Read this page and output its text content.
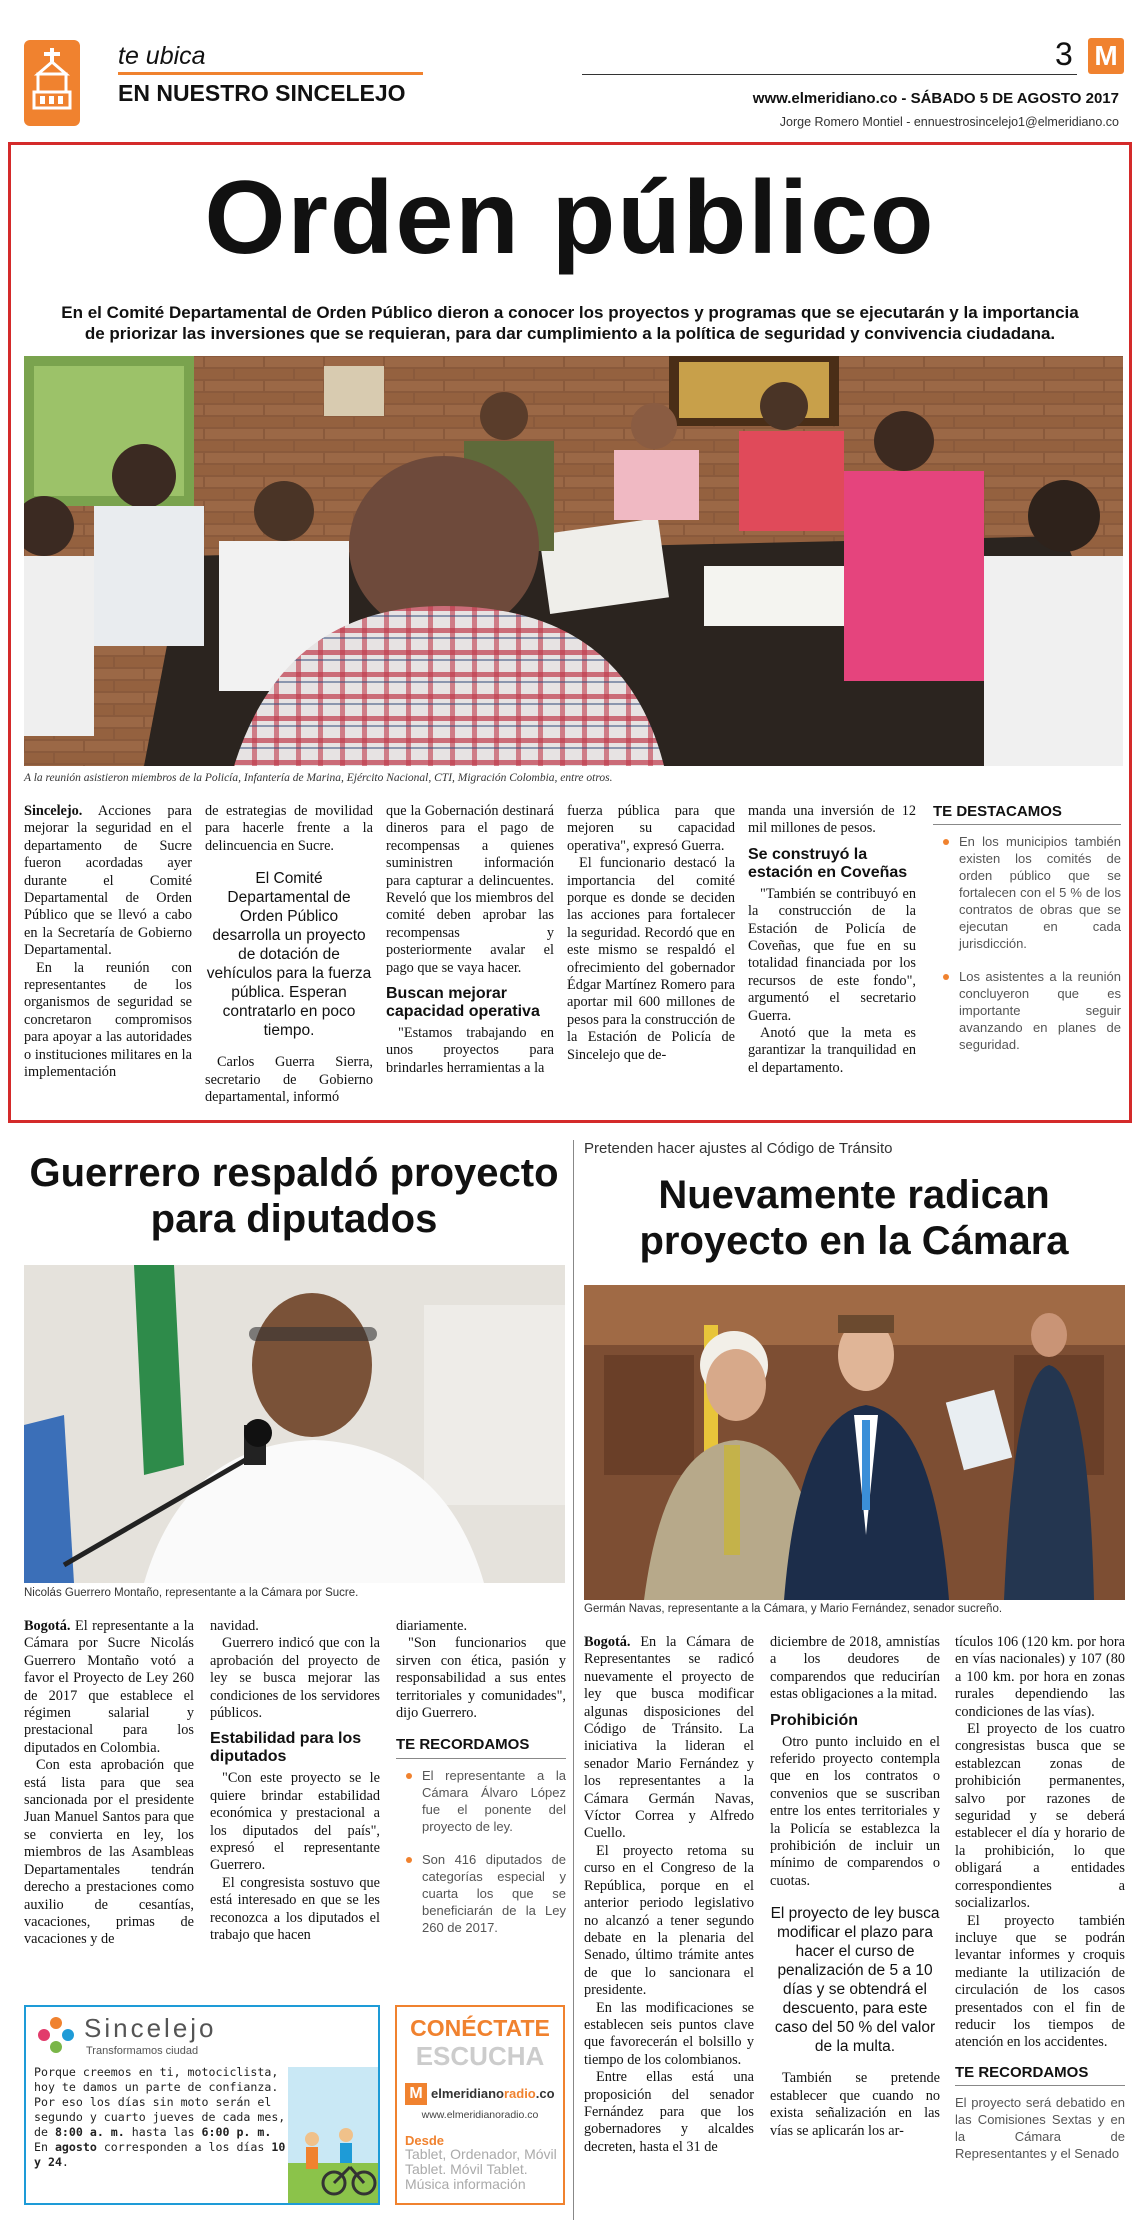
te ubica
EN NUESTRO SINCELEJO
3 M
www.elmeridiano.co - SÁBADO 5 DE AGOSTO 2017
Jorge Romero Montiel - ennuestrosincelejo1@elmeridiano.co
Orden público
En el Comité Departamental de Orden Público dieron a conocer los proyectos y programas que se ejecutarán y la importancia de priorizar las inversiones que se requieran, para dar cumplimiento a la política de seguridad y convivencia ciudadana.
A la reunión asistieron miembros de la Policía, Infantería de Marina, Ejército Nacional, CTI, Migración Colombia, entre otros.

Sincelejo. Acciones para mejorar la seguridad en el departamento de Sucre fueron acordadas ayer durante el Comité Departamental de Orden Público que se llevó a cabo en la Secretaría de Gobierno Departamental.

En la reunión con representantes de los organismos de seguridad se concretaron compromisos para apoyar a las autoridades o instituciones militares en la implementación

de estrategias de movilidad para hacerle frente a la delincuencia en Sucre.

El Comité Departamental de Orden Público desarrolla un proyecto de dotación de vehículos para la fuerza pública. Esperan contratarlo en poco tiempo.

Carlos Guerra Sierra, secretario de Gobierno departamental, informó

que la Gobernación destinará dineros para el pago de recompensas a quienes suministren información para capturar a delincuentes. Reveló que los miembros del comité deben aprobar las recompensas y posteriormente avalar el pago que se vaya hacer.

Buscan mejorar capacidad operativa

"Estamos trabajando en unos proyectos para brindarles herramientas a la

fuerza pública para que mejoren su capacidad operativa", expresó Guerra.

El funcionario destacó la importancia del comité porque es donde se deciden las acciones para fortalecer la seguridad. Recordó que en este mismo se respaldó el ofrecimiento del gobernador Édgar Martínez Romero para aportar mil 600 millones de pesos para la construcción de la Estación de Policía de Sincelejo que de-

manda una inversión de 12 mil millones de pesos.

Se construyó la estación en Coveñas

"También se contribuyó en la construcción de la Estación de Policía de Coveñas, que fue en su totalidad financiada por los recursos de este fondo", argumentó el secretario Guerra.

Anotó que la meta es garantizar la tranquilidad en el departamento.

TE DESTACAMOS
En los municipios también existen los comités de orden público que se fortalecen con el 5 % de los contratos de obras que se ejecutan en cada jurisdicción.
Los asistentes a la reunión concluyeron que es importante seguir avanzando en planes de seguridad.
Guerrero respaldó proyecto para diputados
Nicolás Guerrero Montaño, representante a la Cámara por Sucre.

Bogotá. El representante a la Cámara por Sucre Nicolás Guerrero Montaño votó a favor el Proyecto de Ley 260 de 2017 que establece el régimen salarial y prestacional para los diputados en Colombia.

Con esta aprobación que está lista para que sea sancionada por el presidente Juan Manuel Santos para que se convierta en ley, los miembros de las Asambleas Departamentales tendrán derecho a prestaciones como auxilio de cesantías, vacaciones, primas de vacaciones y de

navidad.

Guerrero indicó que con la aprobación del proyecto de ley se busca mejorar las condiciones de los servidores públicos.

Estabilidad para los diputados

"Con este proyecto se le quiere brindar estabilidad económica y prestacional a los diputados del país", expresó el representante Guerrero.

El congresista sostuvo que está interesado en que se les reconozca a los diputados el trabajo que hacen

diariamente.

"Son funcionarios que sirven con ética, pasión y responsabilidad a sus entes territoriales y comunidades", dijo Guerrero.

TE RECORDAMOS
El representante a la Cámara Álvaro López fue el ponente del proyecto de ley.
Son 416 diputados de categorías especial y cuarta los que se beneficiarán de la Ley 260 de 2017.
Sincelejo
Transformamos ciudad
Porque creemos en ti, motociclista, hoy te damos un parte de confianza. Por eso los días sin moto serán el segundo y cuarto jueves de cada mes, de 8:00 a. m. hasta las 6:00 p. m. En agosto corresponden a los días 10 y 24.
CONÉCTATE
ESCUCHA
M elmeridianoradio.co
www.elmeridianoradio.co
Desde
Tablet, Ordenador, Móvil Tablet. Móvil Tablet. Música información
Pretenden hacer ajustes al Código de Tránsito
Nuevamente radican proyecto en la Cámara
Germán Navas, representante a la Cámara, y Mario Fernández, senador sucreño.

Bogotá. En la Cámara de Representantes se radicó nuevamente el proyecto de ley que busca modificar algunas disposiciones del Código de Tránsito. La iniciativa la lideran el senador Mario Fernández y los representantes a la Cámara Germán Navas, Víctor Correa y Alfredo Cuello.

El proyecto retoma su curso en el Congreso de la República, porque en el anterior periodo legislativo no alcanzó a tener segundo debate en la plenaria del Senado, último trámite antes de que lo sancionara el presidente.

En las modificaciones se establecen seis puntos clave que favorecerán el bolsillo y tiempo de los colombianos.

Entre ellas está una proposición del senador Fernández para que los gobernadores y alcaldes decreten, hasta el 31 de

diciembre de 2018, amnistías a los deudores de comparendos que reducirían estas obligaciones a la mitad.

Prohibición

Otro punto incluido en el referido proyecto contempla que en los contratos o convenios que se suscriban entre los entes territoriales y la Policía se establezca la prohibición de incluir un mínimo de comparendos o cuotas.

El proyecto de ley busca modificar el plazo para hacer el curso de penalización de 5 a 10 días y se obtendrá el descuento, para este caso del 50 % del valor de la multa.

También se pretende establecer que cuando no exista señalización en las vías se aplicarán los ar-

tículos 106 (120 km. por hora en vías nacionales) y 107 (80 a 100 km. por hora en zonas rurales dependiendo las condiciones de las vías).

El proyecto de los cuatro congresistas busca que se establezcan zonas de prohibición permanentes, salvo por razones de seguridad y se deberá establecer el día y horario de la prohibición, lo que obligará a entidades correspondientes a socializarlos.

El proyecto también incluye que se podrán levantar informes y croquis mediante la utilización de circulación de los casos presentados con el fin de reducir los tiempos de atención en los accidentes.

TE RECORDAMOS
El proyecto será debatido en las Comisiones Sextas y en la Cámara de Representantes y el Senado
